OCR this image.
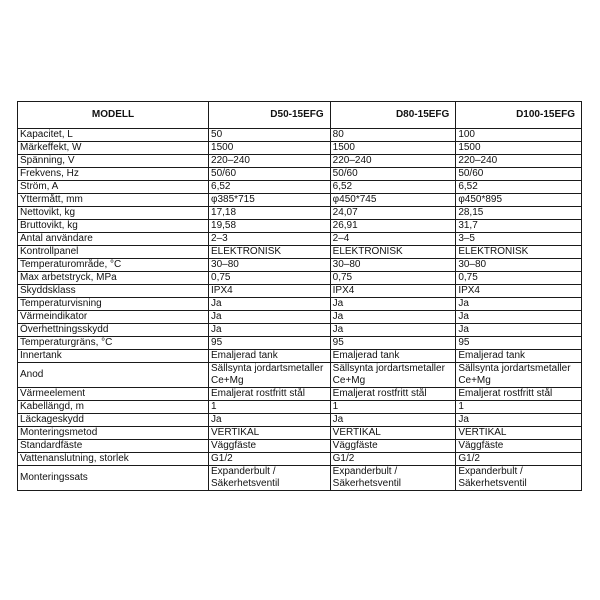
MODELL	D50-15EFG	D80-15EFG	D100-15EFG
Kapacitet, L	50	80	100
Märkeffekt, W	1500	1500	1500
Spänning, V	220–240	220–240	220–240
Frekvens, Hz	50/60	50/60	50/60
Ström, A	6,52	6,52	6,52
Yttermått, mm	φ385*715	φ450*745	φ450*895
Nettovikt, kg	17,18	24,07	28,15
Bruttovikt, kg	19,58	26,91	31,7
Antal användare	2–3	2–4	3–5
Kontrollpanel	ELEKTRONISK	ELEKTRONISK	ELEKTRONISK
Temperaturområde, °C	30–80	30–80	30–80
Max arbetstryck, MPa	0,75	0,75	0,75
Skyddsklass	IPX4	IPX4	IPX4
Temperaturvisning	Ja	Ja	Ja
Värmeindikator	Ja	Ja	Ja
Överhettningsskydd	Ja	Ja	Ja
Temperaturgräns, °C	95	95	95
Innertank	Emaljerad tank	Emaljerad tank	Emaljerad tank
Anod	Sällsynta jordartsmetaller Ce+Mg	Sällsynta jordartsmetaller Ce+Mg	Sällsynta jordartsmetaller Ce+Mg
Värmeelement	Emaljerat rostfritt stål	Emaljerat rostfritt stål	Emaljerat rostfritt stål
Kabellängd, m	1	1	1
Läckageskydd	Ja	Ja	Ja
Monteringsmetod	VERTIKAL	VERTIKAL	VERTIKAL
Standardfäste	Väggfäste	Väggfäste	Väggfäste
Vattenanslutning, storlek	G1/2	G1/2	G1/2
Monteringssats	Expanderbult / Säkerhetsventil	Expanderbult / Säkerhetsventil	Expanderbult / Säkerhetsventil
